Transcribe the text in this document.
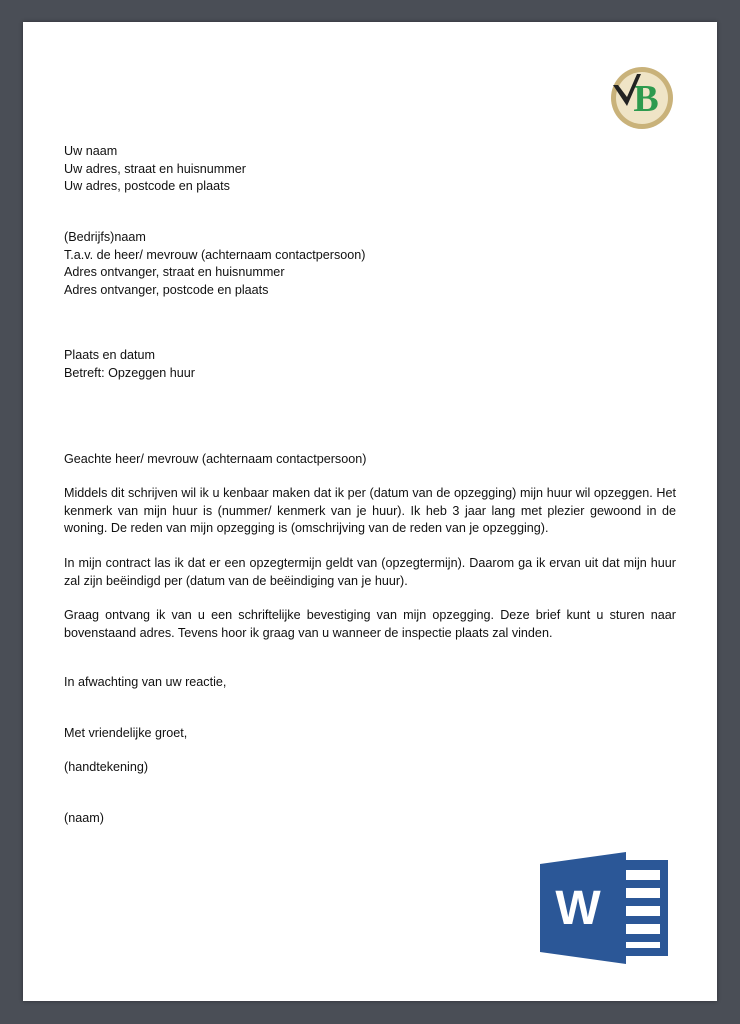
B
Uw naam
Uw adres, straat en huisnummer
Uw adres, postcode en plaats
(Bedrijfs)naam
T.a.v. de heer/ mevrouw (achternaam contactpersoon)
Adres ontvanger, straat en huisnummer
Adres ontvanger, postcode en plaats
Plaats en datum
Betreft: Opzeggen huur
Geachte heer/ mevrouw (achternaam contactpersoon)
Middels dit schrijven wil ik u kenbaar maken dat ik per (datum van de opzegging) mijn huur wil opzeggen. Het kenmerk van mijn huur is (nummer/ kenmerk van je huur). Ik heb 3 jaar lang met plezier gewoond in de woning. De reden van mijn opzegging is (omschrijving van de reden van je opzegging).
In mijn contract las ik dat er een opzegtermijn geldt van (opzegtermijn). Daarom ga ik ervan uit dat mijn huur zal zijn beëindigd per (datum van de beëindiging van je huur).
Graag ontvang ik van u een schriftelijke bevestiging van mijn opzegging. Deze brief kunt u sturen naar bovenstaand adres. Tevens hoor ik graag van u wanneer de inspectie plaats zal vinden.
In afwachting van uw reactie,
Met vriendelijke groet,
(handtekening)
(naam)
W
